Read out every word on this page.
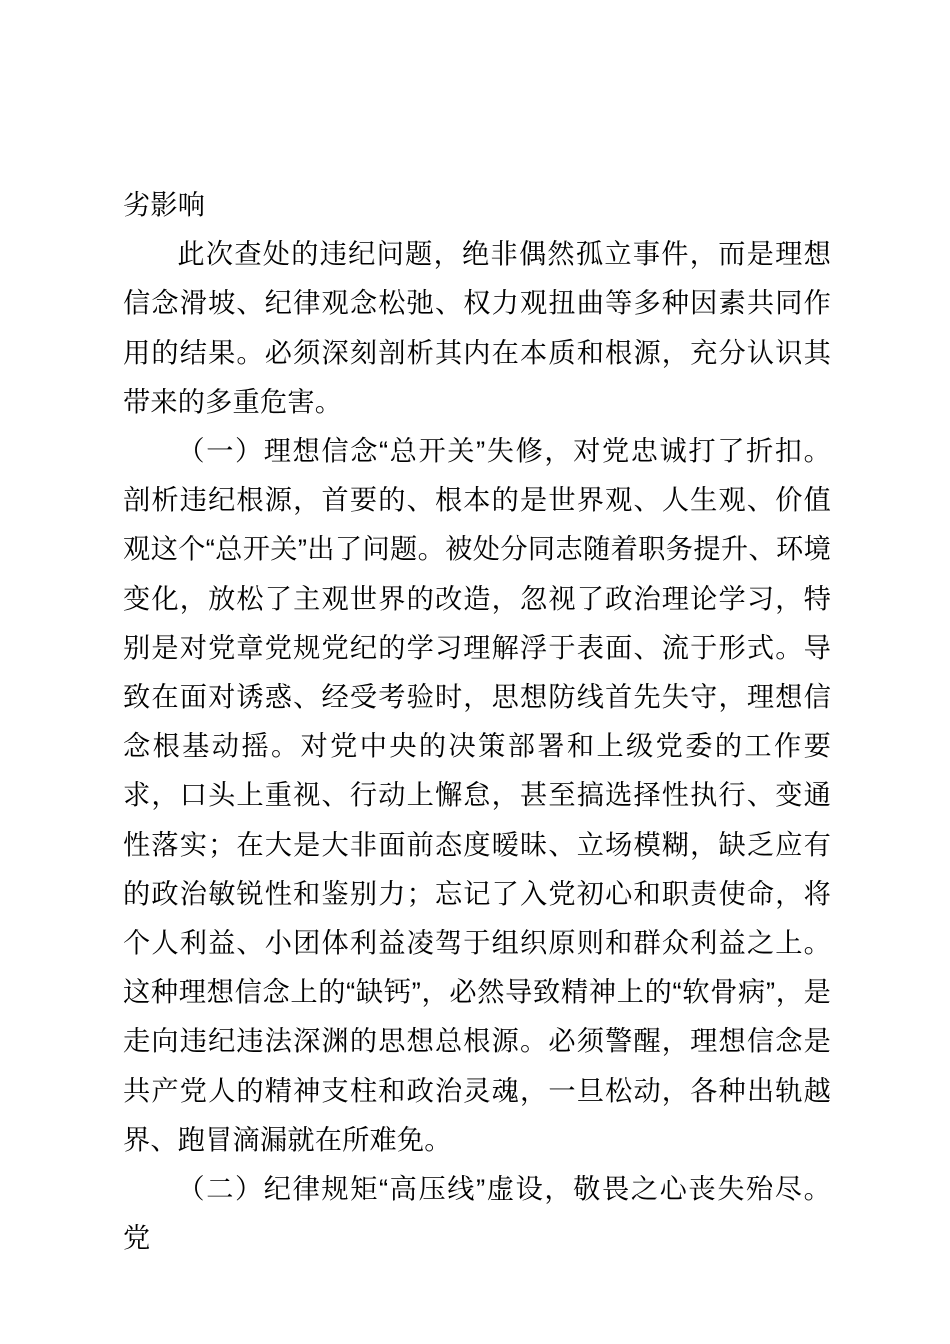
劣影响

此次查处的违纪问题，绝非偶然孤立事件，而是理想信念滑坡、纪律观念松弛、权力观扭曲等多种因素共同作用的结果。必须深刻剖析其内在本质和根源，充分认识其带来的多重危害。

（一）理想信念“总开关”失修，对党忠诚打了折扣。 剖析违纪根源，首要的、根本的是世界观、人生观、价值观这个“总开关”出了问题。被处分同志随着职务提升、环境变化，放松了主观世界的改造，忽视了政治理论学习，特别是对党章党规党纪的学习理解浮于表面、流于形式。导致在面对诱惑、经受考验时，思想防线首先失守，理想信念根基动摇。对党中央的决策部署和上级党委的工作要求，口头上重视、行动上懈怠，甚至搞选择性执行、变通性落实；在大是大非面前态度暧昧、立场模糊，缺乏应有的政治敏锐性和鉴别力；忘记了入党初心和职责使命，将个人利益、小团体利益凌驾于组织原则和群众利益之上。这种理想信念上的“缺钙”，必然导致精神上的“软骨病”，是走向违纪违法深渊的思想总根源。必须警醒，理想信念是共产党人的精神支柱和政治灵魂，一旦松动，各种出轨越界、跑冒滴漏就在所难免。

（二）纪律规矩“高压线”虚设，敬畏之心丧失殆尽。 党
